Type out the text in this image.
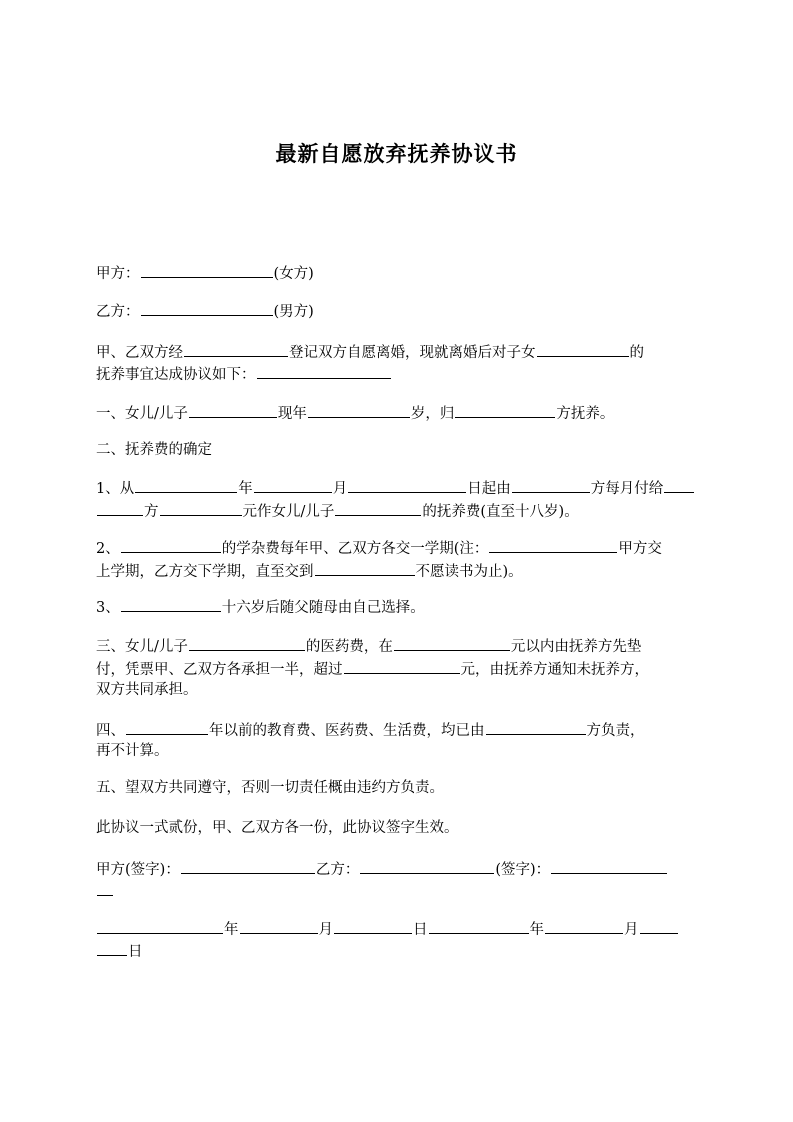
最新自愿放弃抚养协议书
甲方：	(女方)
乙方：	(男方)
甲、乙双方经	登记双方自愿离婚，现就离婚后对子女	的
抚养事宜达成协议如下：
一、女儿/儿子	现年	岁，归	方抚养。
二、抚养费的确定
1、从	年	月	日起由	方每月付给
方	元作女儿/儿子	的抚养费(直至十八岁)。
2、	的学杂费每年甲、乙双方各交一学期(注：	甲方交
上学期，乙方交下学期，直至交到	不愿读书为止)。
3、	十六岁后随父随母由自己选择。
三、女儿/儿子	的医药费，在	元以内由抚养方先垫
付，凭票甲、乙双方各承担一半，超过	元，由抚养方通知未抚养方，
双方共同承担。
四、	年以前的教育费、医药费、生活费，均已由	方负责，
再不计算。
五、望双方共同遵守，否则一切责任概由违约方负责。
此协议一式贰份，甲、乙双方各一份，此协议签字生效。
甲方(签字)：	乙方：	(签字)：
年	月	日	年	月
日
